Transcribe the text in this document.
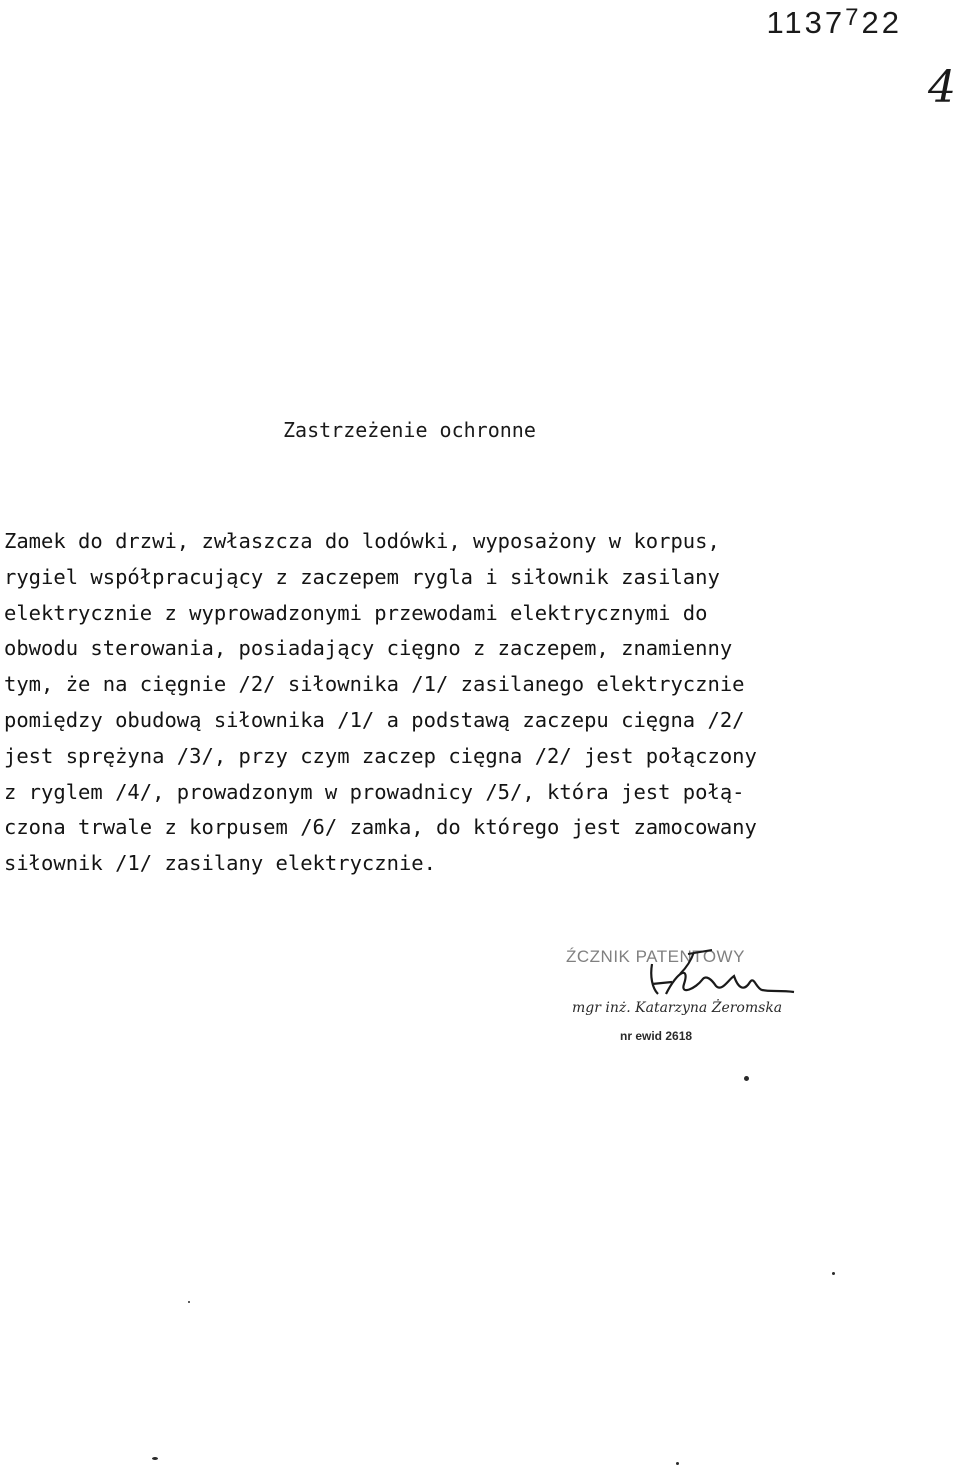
1137$^7$22
4
Zastrzeżenie ochronne
Zamek do drzwi, zwłaszcza do lodówki, wyposażony w korpus,
rygiel współpracujący z zaczepem rygla i siłownik zasilany
elektrycznie z wyprowadzonymi przewodami elektrycznymi do
obwodu sterowania, posiadający cięgno z zaczepem, znamienny
tym, że na cięgnie /2/ siłownika /1/ zasilanego elektrycznie
pomiędzy obudową siłownika /1/ a podstawą zaczepu cięgna /2/
jest sprężyna /3/, przy czym zaczep cięgna /2/ jest połączony
z ryglem /4/, prowadzonym w prowadnicy /5/, która jest połą-
czona trwale z korpusem /6/ zamka, do którego jest zamocowany
siłownik /1/ zasilany elektrycznie.
ŹCZNIK PATENTOWY
mgr inż. Katarzyna Żeromska
nr ewid 2618
